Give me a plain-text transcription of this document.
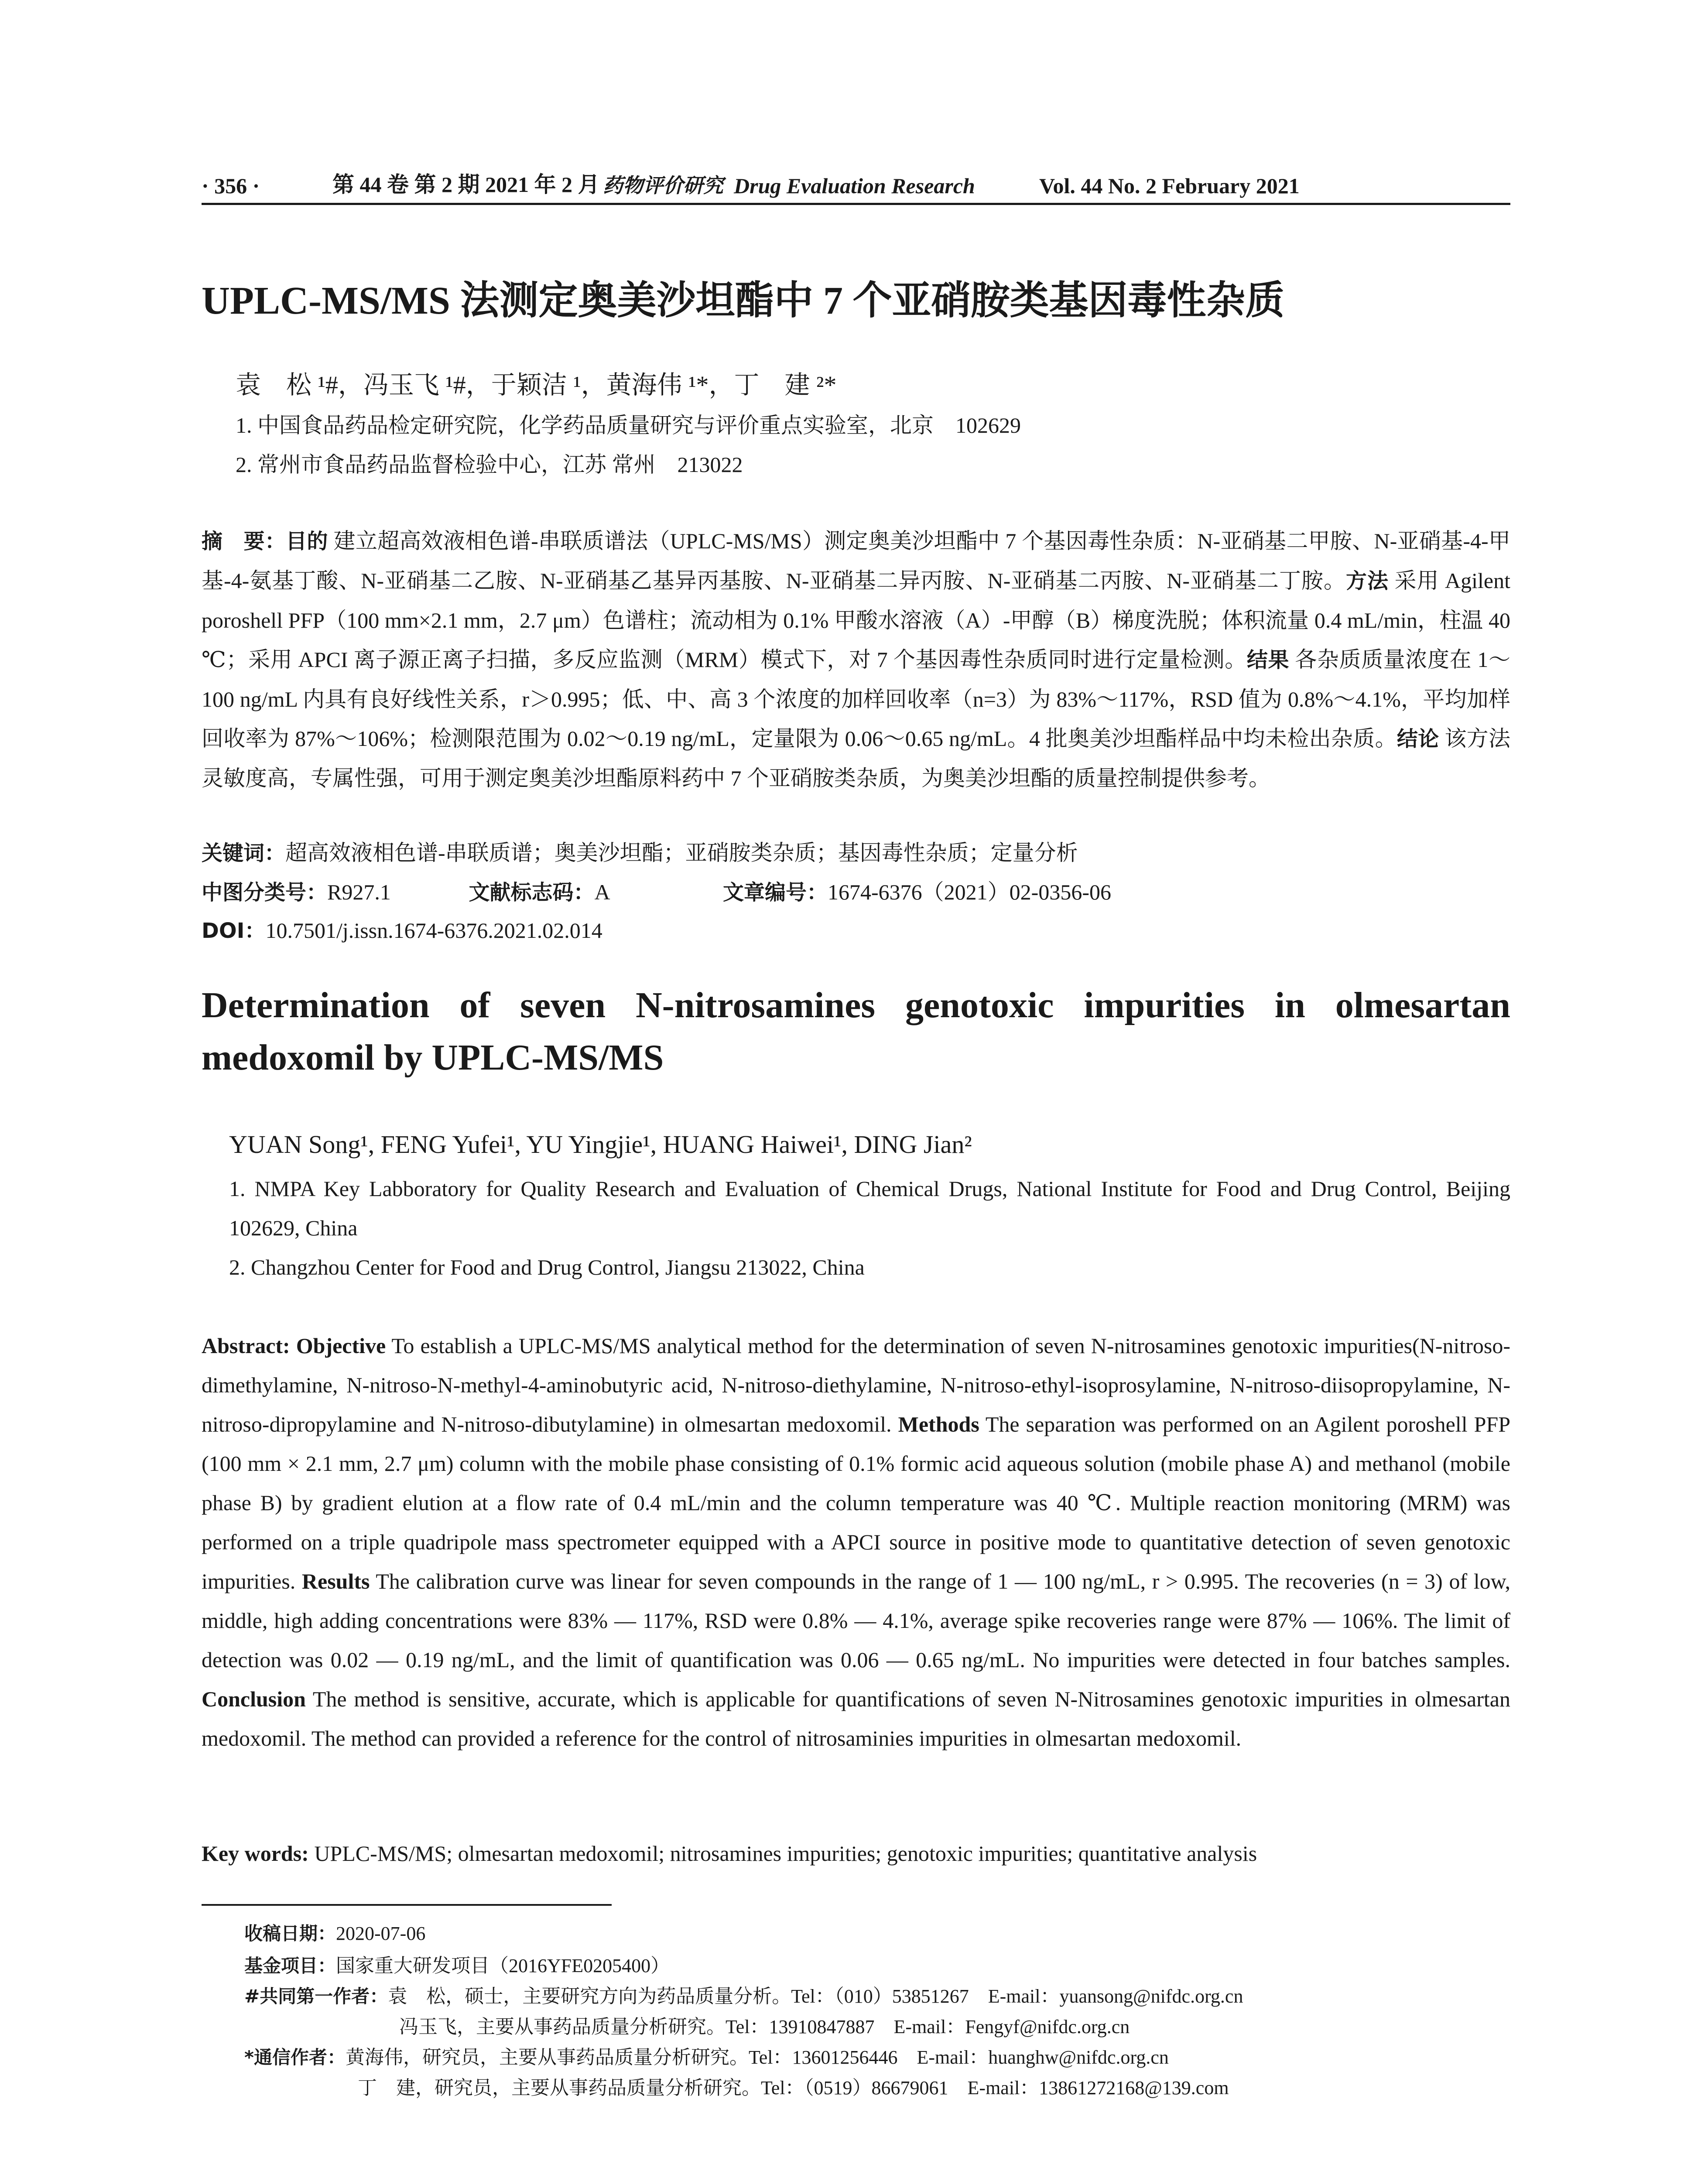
· 356 ·	第 44 卷 第 2 期 2021 年 2 月 药物评价研究 Drug Evaluation Research	Vol. 44 No. 2 February 2021
UPLC-MS/MS 法测定奥美沙坦酯中 7 个亚硝胺类基因毒性杂质
袁　松 ¹#，冯玉飞 ¹#，于颖洁 ¹，黄海伟 ¹*，丁　建 ²*
1. 中国食品药品检定研究院，化学药品质量研究与评价重点实验室，北京　102629
2. 常州市食品药品监督检验中心，江苏 常州　213022
摘　要：目的 建立超高效液相色谱-串联质谱法（UPLC-MS/MS）测定奥美沙坦酯中 7 个基因毒性杂质：N-亚硝基二甲胺、N-亚硝基-4-甲基-4-氨基丁酸、N-亚硝基二乙胺、N-亚硝基乙基异丙基胺、N-亚硝基二异丙胺、N-亚硝基二丙胺、N-亚硝基二丁胺。方法 采用 Agilent poroshell PFP（100 mm×2.1 mm，2.7 μm）色谱柱；流动相为 0.1% 甲酸水溶液（A）-甲醇（B）梯度洗脱；体积流量 0.4 mL/min，柱温 40 ℃；采用 APCI 离子源正离子扫描，多反应监测（MRM）模式下，对 7 个基因毒性杂质同时进行定量检测。结果 各杂质质量浓度在 1～100 ng/mL 内具有良好线性关系，r＞0.995；低、中、高 3 个浓度的加样回收率（n=3）为 83%～117%，RSD 值为 0.8%～4.1%，平均加样回收率为 87%～106%；检测限范围为 0.02～0.19 ng/mL，定量限为 0.06～0.65 ng/mL。4 批奥美沙坦酯样品中均未检出杂质。结论 该方法灵敏度高，专属性强，可用于测定奥美沙坦酯原料药中 7 个亚硝胺类杂质，为奥美沙坦酯的质量控制提供参考。
关键词：超高效液相色谱-串联质谱；奥美沙坦酯；亚硝胺类杂质；基因毒性杂质；定量分析
中图分类号：R927.1	文献标志码：A	文章编号：1674-6376（2021）02-0356-06
DOI：10.7501/j.issn.1674-6376.2021.02.014
Determination of seven N-nitrosamines genotoxic impurities in olmesartan medoxomil by UPLC-MS/MS
YUAN Song¹, FENG Yufei¹, YU Yingjie¹, HUANG Haiwei¹, DING Jian²
1. NMPA Key Labboratory for Quality Research and Evaluation of Chemical Drugs, National Institute for Food and Drug Control, Beijing 102629, China
2. Changzhou Center for Food and Drug Control, Jiangsu 213022, China
Abstract: Objective To establish a UPLC-MS/MS analytical method for the determination of seven N-nitrosamines genotoxic impurities(N-nitroso-dimethylamine, N-nitroso-N-methyl-4-aminobutyric acid, N-nitroso-diethylamine, N-nitroso-ethyl-isoprosylamine, N-nitroso-diisopropylamine, N-nitroso-dipropylamine and N-nitroso-dibutylamine) in olmesartan medoxomil. Methods The separation was performed on an Agilent poroshell PFP (100 mm × 2.1 mm, 2.7 μm) column with the mobile phase consisting of 0.1% formic acid aqueous solution (mobile phase A) and methanol (mobile phase B) by gradient elution at a flow rate of 0.4 mL/min and the column temperature was 40 ℃. Multiple reaction monitoring (MRM) was performed on a triple quadripole mass spectrometer equipped with a APCI source in positive mode to quantitative detection of seven genotoxic impurities. Results The calibration curve was linear for seven compounds in the range of 1 — 100 ng/mL, r > 0.995. The recoveries (n = 3) of low, middle, high adding concentrations were 83% — 117%, RSD were 0.8% — 4.1%, average spike recoveries range were 87% — 106%. The limit of detection was 0.02 — 0.19 ng/mL, and the limit of quantification was 0.06 — 0.65 ng/mL. No impurities were detected in four batches samples. Conclusion The method is sensitive, accurate, which is applicable for quantifications of seven N-Nitrosamines genotoxic impurities in olmesartan medoxomil. The method can provided a reference for the control of nitrosaminies impurities in olmesartan medoxomil.
Key words: UPLC-MS/MS; olmesartan medoxomil; nitrosamines impurities; genotoxic impurities; quantitative analysis
收稿日期：2020-07-06
基金项目：国家重大研发项目（2016YFE0205400）
#共同第一作者：袁　松，硕士，主要研究方向为药品质量分析。Tel：（010）53851267　E-mail：yuansong@nifdc.org.cn
冯玉飞，主要从事药品质量分析研究。Tel：13910847887　E-mail：Fengyf@nifdc.org.cn
*通信作者：黄海伟，研究员，主要从事药品质量分析研究。Tel：13601256446　E-mail：huanghw@nifdc.org.cn
丁　建，研究员，主要从事药品质量分析研究。Tel：（0519）86679061　E-mail：13861272168@139.com
